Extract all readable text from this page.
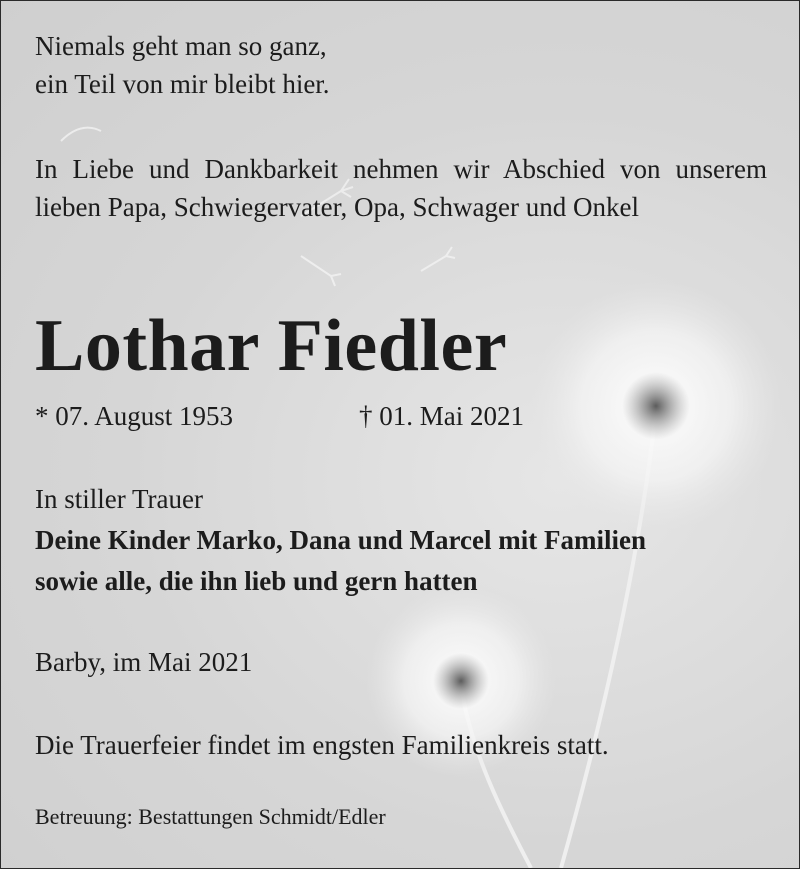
Niemals geht man so ganz,

ein Teil von mir bleibt hier.

In Liebe und Dankbarkeit nehmen wir Abschied von unserem lieben Papa, Schwiegervater, Opa, Schwager und Onkel

Lothar Fiedler

* 07. August 1953	† 01. Mai 2021

In stiller Trauer

Deine Kinder Marko, Dana und Marcel mit Familien

sowie alle, die ihn lieb und gern hatten

Barby, im Mai 2021

Die Trauerfeier findet im engsten Familienkreis statt.

Betreuung: Bestattungen Schmidt/Edler
